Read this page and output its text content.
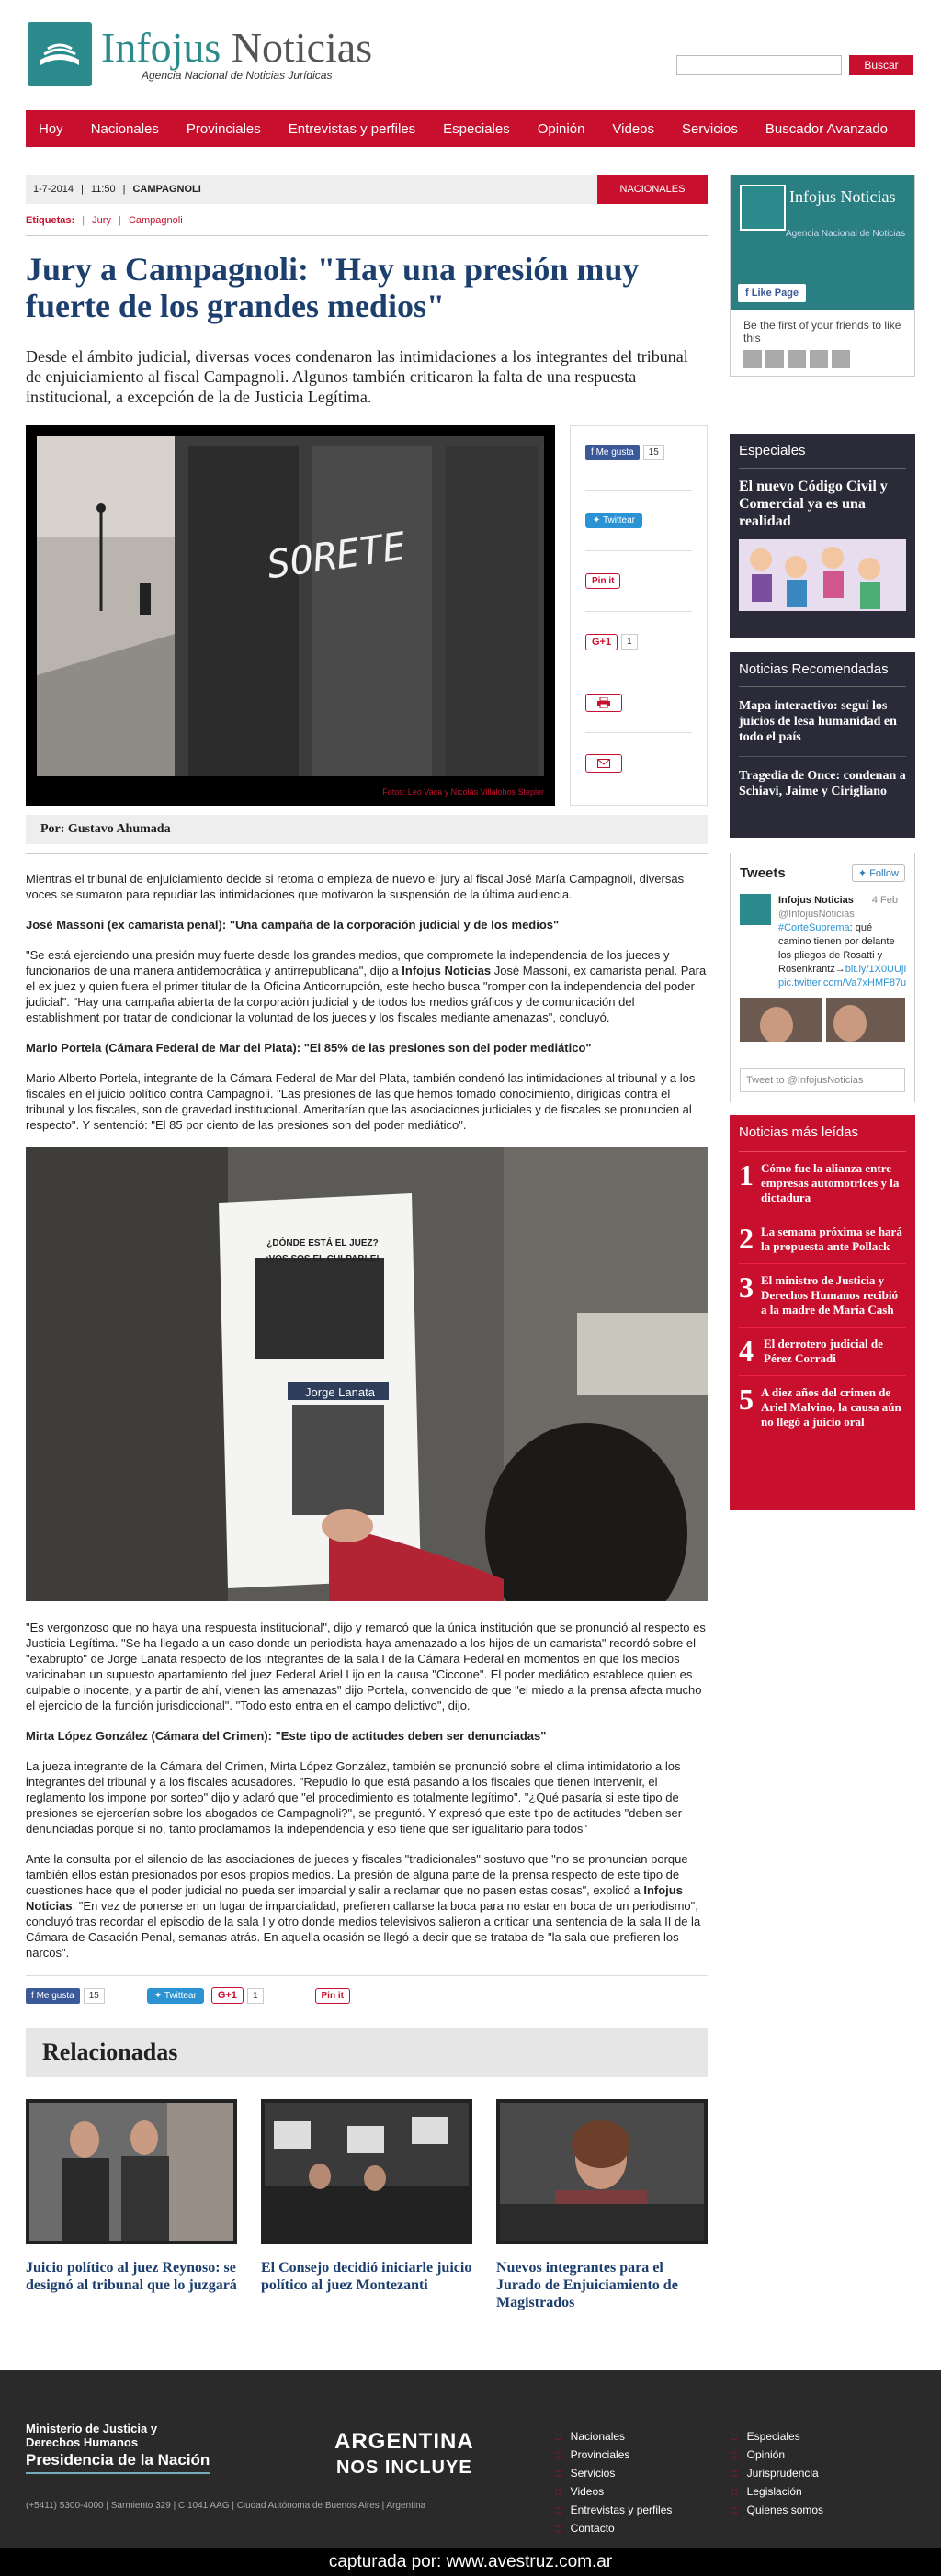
Infojus Noticias
Agencia Nacional de Noticias Jurídicas
Buscar
Hoy Nacionales Provinciales Entrevistas y perfiles Especiales Opinión Videos Servicios Buscador Avanzado
1-7-2014 | 11:50 | CAMPAGNOLI	NACIONALES
Etiquetas: | Jury | Campagnoli
Jury a Campagnoli: "Hay una presión muy fuerte de los grandes medios"
Desde el ámbito judicial, diversas voces condenaron las intimidaciones a los integrantes del tribunal de enjuiciamiento al fiscal Campagnoli. Algunos también criticaron la falta de una respuesta institucional, a excepción de la de Justicia Legítima.
SORETE
Fotos: Leo Vaca y Nicolás Villalobos Stepler
f Me gusta	15
✦ Twittear
Pin it
G+1	1
Por: Gustavo Ahumada

Mientras el tribunal de enjuiciamiento decide si retoma o empieza de nuevo el jury al fiscal José María Campagnoli, diversas voces se sumaron para repudiar las intimidaciones que motivaron la suspensión de la última audiencia.

José Massoni (ex camarista penal): "Una campaña de la corporación judicial y de los medios"

"Se está ejerciendo una presión muy fuerte desde los grandes medios, que compromete la independencia de los jueces y funcionarios de una manera antidemocrática y antirrepublicana", dijo a Infojus Noticias José Massoni, ex camarista penal. Para el ex juez y quien fuera el primer titular de la Oficina Anticorrupción, este hecho busca "romper con la independencia del poder judicial". "Hay una campaña abierta de la corporación judicial y de todos los medios gráficos y de comunicación del establishment por tratar de condicionar la voluntad de los jueces y los fiscales mediante amenazas", concluyó.

Mario Portela (Cámara Federal de Mar del Plata): "El 85% de las presiones son del poder mediático"

Mario Alberto Portela, integrante de la Cámara Federal de Mar del Plata, también condenó las intimidaciones al tribunal y a los fiscales en el juicio político contra Campagnoli. "Las presiones de las que hemos tomado conocimiento, dirigidas contra el tribunal y los fiscales, son de gravedad institucional. Ameritarían que las asociaciones judiciales y de fiscales se pronuncien al respecto". Y sentenció: "El 85 por ciento de las presiones son del poder mediático".

¿DÓNDE ESTÁ EL JUEZ? ¡VOS SOS EL CULPABLE!
Jorge Lanata

"Es vergonzoso que no haya una respuesta institucional", dijo y remarcó que la única institución que se pronunció al respecto es Justicia Legítima. "Se ha llegado a un caso donde un periodista haya amenazado a los hijos de un camarista" recordó sobre el "exabrupto" de Jorge Lanata respecto de los integrantes de la sala I de la Cámara Federal en momentos en que los medios vaticinaban un supuesto apartamiento del juez Federal Ariel Lijo en la causa "Ciccone". El poder mediático establece quien es culpable o inocente, y a partir de ahí, vienen las amenazas" dijo Portela, convencido de que "el miedo a la prensa afecta mucho el ejercicio de la función jurisdiccional". "Todo esto entra en el campo delictivo", dijo.

Mirta López González (Cámara del Crimen): "Este tipo de actitudes deben ser denunciadas"

La jueza integrante de la Cámara del Crimen, Mirta López González, también se pronunció sobre el clima intimidatorio a los integrantes del tribunal y a los fiscales acusadores. "Repudio lo que está pasando a los fiscales que tienen intervenir, el reglamento los impone por sorteo" dijo y aclaró que "el procedimiento es totalmente legítimo". "¿Qué pasaría si este tipo de presiones se ejercerían sobre los abogados de Campagnoli?", se preguntó. Y expresó que este tipo de actitudes "deben ser denunciadas porque si no, tanto proclamamos la independencia y eso tiene que ser igualitario para todos"

Ante la consulta por el silencio de las asociaciones de jueces y fiscales "tradicionales" sostuvo que "no se pronuncian porque también ellos están presionados por esos propios medios. La presión de alguna parte de la prensa respecto de este tipo de cuestiones hace que el poder judicial no pueda ser imparcial y salir a reclamar que no pasen estas cosas", explicó a Infojus Noticias. "En vez de ponerse en un lugar de imparcialidad, prefieren callarse la boca para no estar en boca de un periodismo", concluyó tras recordar el episodio de la sala I y otro donde medios televisivos salieron a criticar una sentencia de la sala II de la Cámara de Casación Penal, semanas atrás. En aquella ocasión se llegó a decir que se trataba de "la sala que prefieren los narcos".

f Me gusta	15	✦ Twittear	G+1	1	Pin it
Relacionadas
Juicio político al juez Reynoso: se designó al tribunal que lo juzgará
El Consejo decidió iniciarle juicio político al juez Montezanti
Nuevos integrantes para el Jurado de Enjuiciamiento de Magistrados
Infojus Noticias
Agencia Nacional de Noticias
f Like Page
Be the first of your friends to like this
Especiales
El nuevo Código Civil y Comercial ya es una realidad
Noticias Recomendadas
Mapa interactivo: seguí los juicios de lesa humanidad en todo el país
Tragedia de Once: condenan a Schiavi, Jaime y Cirigliano
Tweets	✦ Follow
Infojus Noticias 4 Feb

@InfojusNoticias
#CorteSuprema: qué camino tienen por delante los pliegos de Rosatti y Rosenkrantz→bit.ly/1X0UUjI pic.twitter.com/Va7xHMF87u
Tweet to @InfojusNoticias
Noticias más leídas
1 Cómo fue la alianza entre empresas automotrices y la dictadura
2 La semana próxima se hará la propuesta ante Pollack
3 El ministro de Justicia y Derechos Humanos recibió a la madre de María Cash
4 El derrotero judicial de Pérez Corradi
5 A diez años del crimen de Ariel Malvino, la causa aún no llegó a juicio oral
Ministerio de Justicia y Derechos Humanos
Presidencia de la Nación
(+5411) 5300-4000 | Sarmiento 329 | C 1041 AAG | Ciudad Autónoma de Buenos Aires | Argentina
ARGENTINA
NOS INCLUYE
:: Nacionales
:: Provinciales
:: Servicios
:: Videos
:: Entrevistas y perfiles
:: Contacto
:: Especiales
:: Opinión
:: Jurisprudencia
:: Legislación
:: Quienes somos
capturada por: www.avestruz.com.ar
